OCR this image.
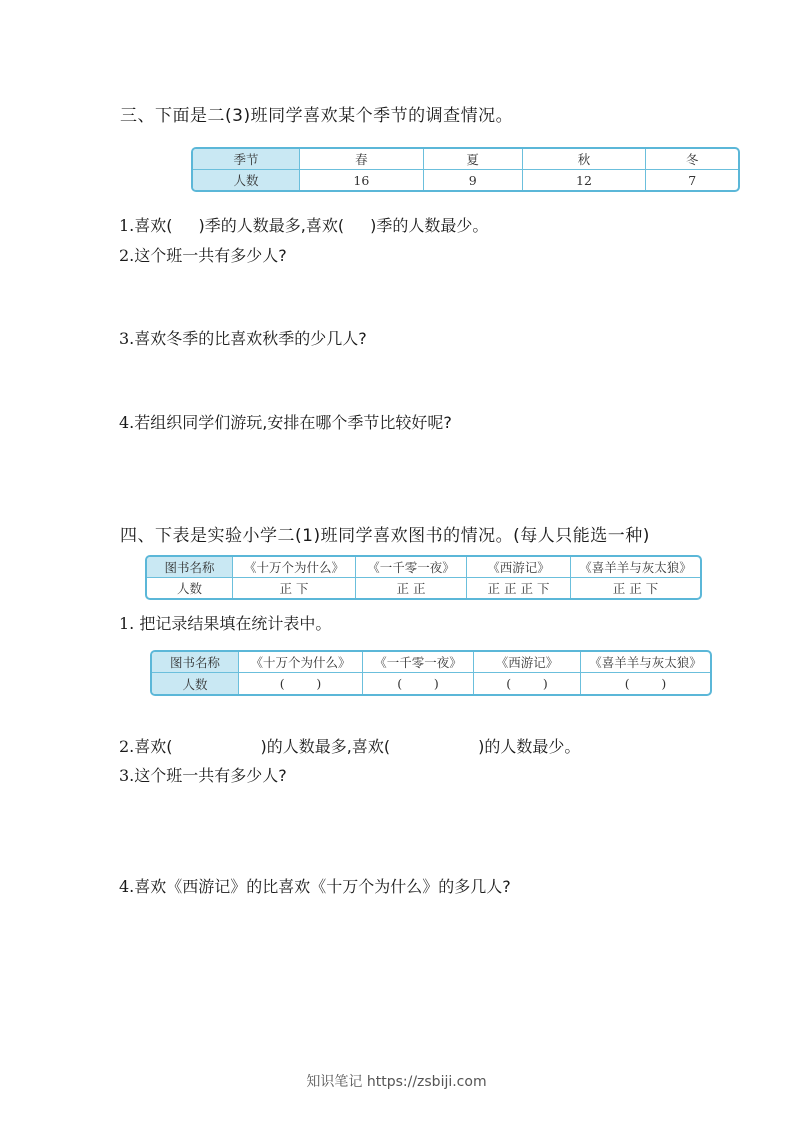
三、下面是二(3)班同学喜欢某个季节的调查情况。
季节	春	夏	秋	冬
人数	16	9	12	7
1.喜欢( )季的人数最多,喜欢( )季的人数最少。
2.这个班一共有多少人?
3.喜欢冬季的比喜欢秋季的少几人?
4.若组织同学们游玩,安排在哪个季节比较好呢?
四、下表是实验小学二(1)班同学喜欢图书的情况。(每人只能选一种)
图书名称	《十万个为什么》	《一千零一夜》	《西游记》	《喜羊羊与灰太狼》
人数	正 下	正 正	正 正 正 下	正 正 下
1. 把记录结果填在统计表中。
图书名称	《十万个为什么》	《一千零一夜》	《西游记》	《喜羊羊与灰太狼》
人数	(        )	(        )	(        )	(        )
2.喜欢(	)的人数最多,喜欢(	)的人数最少。
3.这个班一共有多少人?
4.喜欢《西游记》的比喜欢《十万个为什么》的多几人?
知识笔记 https://zsbiji.com
